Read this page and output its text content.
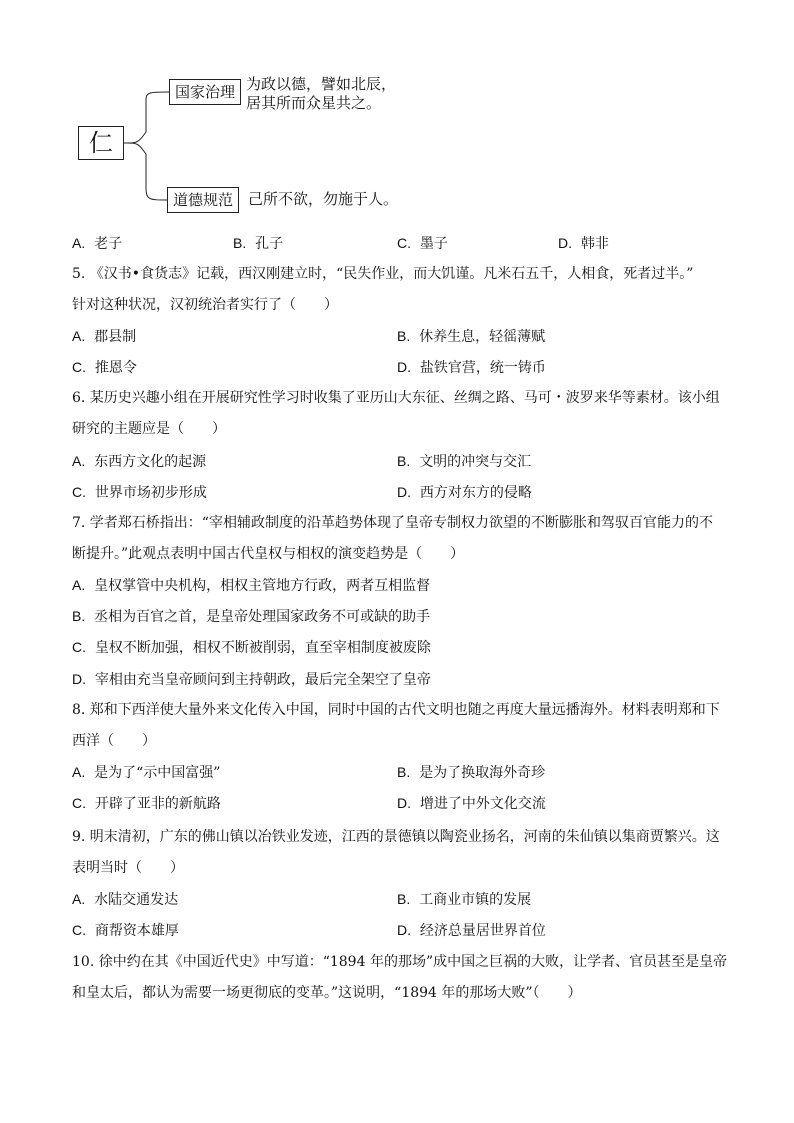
仁
国家治理 为政以德，譬如北辰，
居其所而众星共之。
道德规范	己所不欲，勿施于人。
A. 老子	B. 孔子	C. 墨子	D. 韩非
5. 《汉书•食货志》记载，西汉刚建立时，“民失作业，而大饥谨。凡米石五千，人相食，死者过半。”
针对这种状况，汉初统治者实行了（　　）
A. 郡县制	B. 休养生息，轻徭薄赋
C. 推恩令	D. 盐铁官营，统一铸币
6. 某历史兴趣小组在开展研究性学习时收集了亚历山大东征、丝绸之路、马可・波罗来华等素材。该小组
研究的主题应是（　　）
A. 东西方文化的起源	B. 文明的冲突与交汇
C. 世界市场初步形成	D. 西方对东方的侵略
7. 学者郑石桥指出：“宰相辅政制度的沿革趋势体现了皇帝专制权力欲望的不断膨胀和驾驭百官能力的不
断提升。”此观点表明中国古代皇权与相权的演变趋势是（　　）
A. 皇权掌管中央机构，相权主管地方行政，两者互相监督
B. 丞相为百官之首，是皇帝处理国家政务不可或缺的助手
C. 皇权不断加强，相权不断被削弱，直至宰相制度被废除
D. 宰相由充当皇帝顾问到主持朝政，最后完全架空了皇帝
8. 郑和下西洋使大量外来文化传入中国，同时中国的古代文明也随之再度大量远播海外。材料表明郑和下
西洋（　　）
A. 是为了“示中国富强”	B. 是为了换取海外奇珍
C. 开辟了亚非的新航路	D. 增进了中外文化交流
9. 明末清初，广东的佛山镇以冶铁业发迹，江西的景德镇以陶瓷业扬名，河南的朱仙镇以集商贾繁兴。这
表明当时（　　）
A. 水陆交通发达	B. 工商业市镇的发展
C. 商帮资本雄厚	D. 经济总量居世界首位
10. 徐中约在其《中国近代史》中写道：“1894 年的那场”成中国之巨祸的大败，让学者、官员甚至是皇帝
和皇太后，都认为需要一场更彻底的变革。”这说明，“1894 年的那场大败”（　　）
